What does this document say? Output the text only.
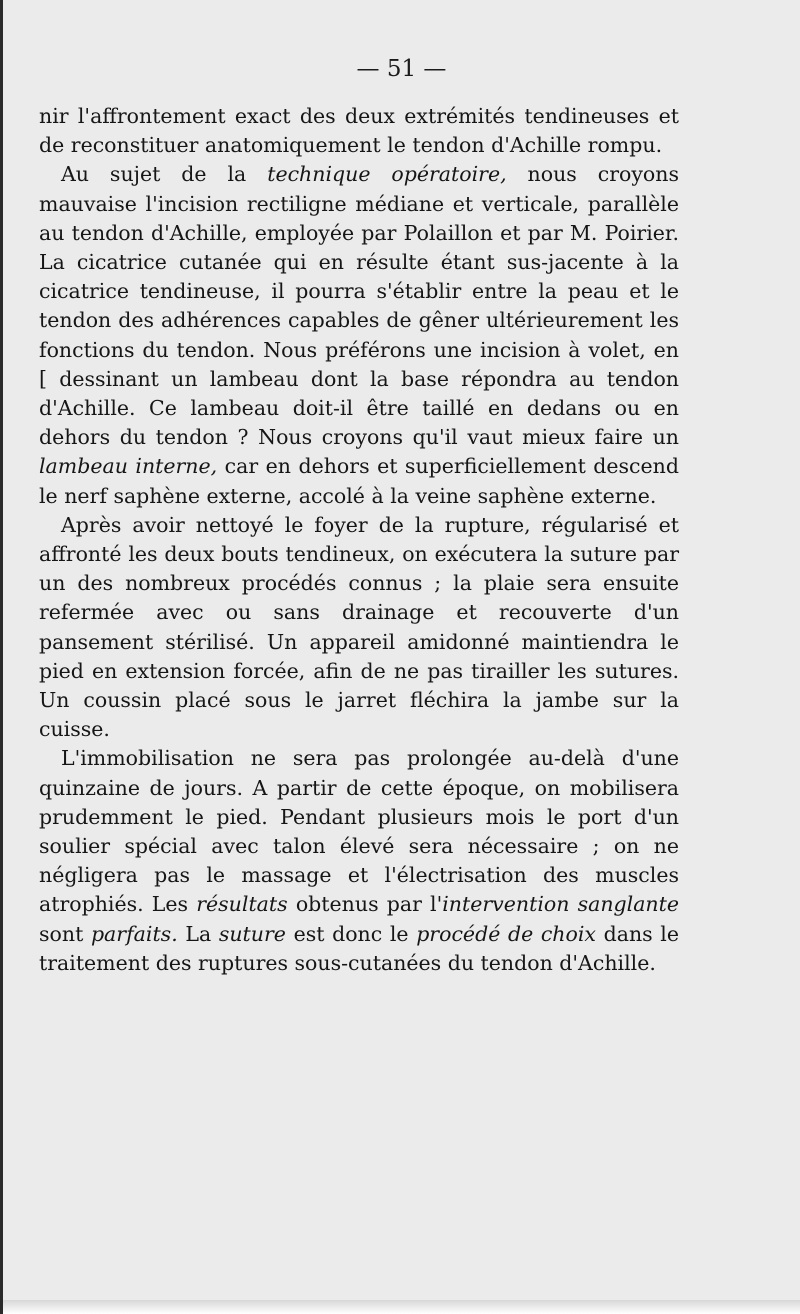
— 51 —

nir l'affrontement exact des deux extrémités tendineuses et de reconstituer anatomiquement le tendon d'Achille rompu.

Au sujet de la technique opératoire, nous croyons mauvaise l'incision rectiligne médiane et verticale, parallèle au tendon d'Achille, employée par Polaillon et par M. Poirier. La cicatrice cutanée qui en résulte étant sus-jacente à la cicatrice tendineuse, il pourra s'établir entre la peau et le tendon des adhérences capables de gêner ultérieurement les fonctions du tendon. Nous préférons une incision à volet, en [ dessinant un lambeau dont la base répondra au tendon d'Achille. Ce lambeau doit-il être taillé en dedans ou en dehors du tendon ? Nous croyons qu'il vaut mieux faire un lambeau interne, car en dehors et superficiellement descend le nerf saphène externe, accolé à la veine saphène externe.

Après avoir nettoyé le foyer de la rupture, régularisé et affronté les deux bouts tendineux, on exécutera la suture par un des nombreux procédés connus ; la plaie sera ensuite refermée avec ou sans drainage et recouverte d'un pansement stérilisé. Un appareil amidonné maintiendra le pied en extension forcée, afin de ne pas tirailler les sutures. Un coussin placé sous le jarret fléchira la jambe sur la cuisse.

L'immobilisation ne sera pas prolongée au-delà d'une quinzaine de jours. A partir de cette époque, on mobilisera prudemment le pied. Pendant plusieurs mois le port d'un soulier spécial avec talon élevé sera nécessaire ; on ne négligera pas le massage et l'électrisation des muscles atrophiés. Les résultats obtenus par l'intervention sanglante sont parfaits. La suture est donc le procédé de choix dans le traitement des ruptures sous-cutanées du tendon d'Achille.
